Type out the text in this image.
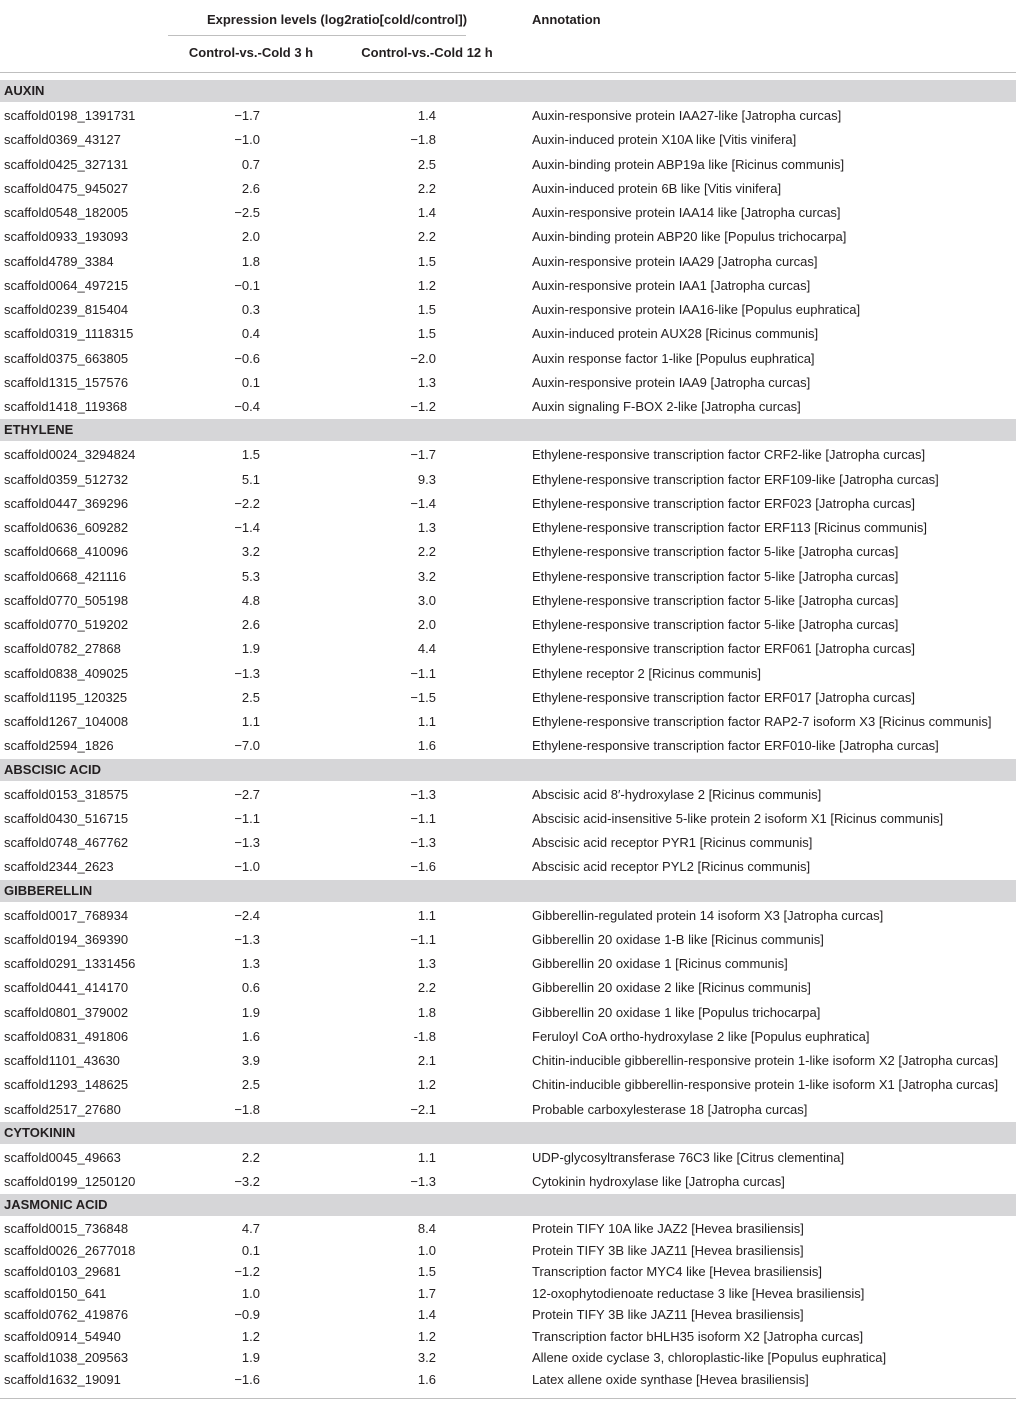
Expression levels (log2ratio[cold/control])	Annotation
Control-vs.-Cold 3 h	Control-vs.-Cold 12 h
AUXIN
scaffold0198_1391731	−1.7	1.4	Auxin-responsive protein IAA27-like [Jatropha curcas]
scaffold0369_43127	−1.0	−1.8	Auxin-induced protein X10A like [Vitis vinifera]
scaffold0425_327131	0.7	2.5	Auxin-binding protein ABP19a like [Ricinus communis]
scaffold0475_945027	2.6	2.2	Auxin-induced protein 6B like [Vitis vinifera]
scaffold0548_182005	−2.5	1.4	Auxin-responsive protein IAA14 like [Jatropha curcas]
scaffold0933_193093	2.0	2.2	Auxin-binding protein ABP20 like [Populus trichocarpa]
scaffold4789_3384	1.8	1.5	Auxin-responsive protein IAA29 [Jatropha curcas]
scaffold0064_497215	−0.1	1.2	Auxin-responsive protein IAA1 [Jatropha curcas]
scaffold0239_815404	0.3	1.5	Auxin-responsive protein IAA16-like [Populus euphratica]
scaffold0319_1118315	0.4	1.5	Auxin-induced protein AUX28 [Ricinus communis]
scaffold0375_663805	−0.6	−2.0	Auxin response factor 1-like [Populus euphratica]
scaffold1315_157576	0.1	1.3	Auxin-responsive protein IAA9 [Jatropha curcas]
scaffold1418_119368	−0.4	−1.2	Auxin signaling F-BOX 2-like [Jatropha curcas]
ETHYLENE
scaffold0024_3294824	1.5	−1.7	Ethylene-responsive transcription factor CRF2-like [Jatropha curcas]
scaffold0359_512732	5.1	9.3	Ethylene-responsive transcription factor ERF109-like [Jatropha curcas]
scaffold0447_369296	−2.2	−1.4	Ethylene-responsive transcription factor ERF023 [Jatropha curcas]
scaffold0636_609282	−1.4	1.3	Ethylene-responsive transcription factor ERF113 [Ricinus communis]
scaffold0668_410096	3.2	2.2	Ethylene-responsive transcription factor 5-like [Jatropha curcas]
scaffold0668_421116	5.3	3.2	Ethylene-responsive transcription factor 5-like [Jatropha curcas]
scaffold0770_505198	4.8	3.0	Ethylene-responsive transcription factor 5-like [Jatropha curcas]
scaffold0770_519202	2.6	2.0	Ethylene-responsive transcription factor 5-like [Jatropha curcas]
scaffold0782_27868	1.9	4.4	Ethylene-responsive transcription factor ERF061 [Jatropha curcas]
scaffold0838_409025	−1.3	−1.1	Ethylene receptor 2 [Ricinus communis]
scaffold1195_120325	2.5	−1.5	Ethylene-responsive transcription factor ERF017 [Jatropha curcas]
scaffold1267_104008	1.1	1.1	Ethylene-responsive transcription factor RAP2-7 isoform X3 [Ricinus communis]
scaffold2594_1826	−7.0	1.6	Ethylene-responsive transcription factor ERF010-like [Jatropha curcas]
ABSCISIC ACID
scaffold0153_318575	−2.7	−1.3	Abscisic acid 8′-hydroxylase 2 [Ricinus communis]
scaffold0430_516715	−1.1	−1.1	Abscisic acid-insensitive 5-like protein 2 isoform X1 [Ricinus communis]
scaffold0748_467762	−1.3	−1.3	Abscisic acid receptor PYR1 [Ricinus communis]
scaffold2344_2623	−1.0	−1.6	Abscisic acid receptor PYL2 [Ricinus communis]
GIBBERELLIN
scaffold0017_768934	−2.4	1.1	Gibberellin-regulated protein 14 isoform X3 [Jatropha curcas]
scaffold0194_369390	−1.3	−1.1	Gibberellin 20 oxidase 1-B like [Ricinus communis]
scaffold0291_1331456	1.3	1.3	Gibberellin 20 oxidase 1 [Ricinus communis]
scaffold0441_414170	0.6	2.2	Gibberellin 20 oxidase 2 like [Ricinus communis]
scaffold0801_379002	1.9	1.8	Gibberellin 20 oxidase 1 like [Populus trichocarpa]
scaffold0831_491806	1.6	-1.8	Feruloyl CoA ortho-hydroxylase 2 like [Populus euphratica]
scaffold1101_43630	3.9	2.1	Chitin-inducible gibberellin-responsive protein 1-like isoform X2 [Jatropha curcas]
scaffold1293_148625	2.5	1.2	Chitin-inducible gibberellin-responsive protein 1-like isoform X1 [Jatropha curcas]
scaffold2517_27680	−1.8	−2.1	Probable carboxylesterase 18 [Jatropha curcas]
CYTOKININ
scaffold0045_49663	2.2	1.1	UDP-glycosyltransferase 76C3 like [Citrus clementina]
scaffold0199_1250120	−3.2	−1.3	Cytokinin hydroxylase like [Jatropha curcas]
JASMONIC ACID
scaffold0015_736848	4.7	8.4	Protein TIFY 10A like JAZ2 [Hevea brasiliensis]
scaffold0026_2677018	0.1	1.0	Protein TIFY 3B like JAZ11 [Hevea brasiliensis]
scaffold0103_29681	−1.2	1.5	Transcription factor MYC4 like [Hevea brasiliensis]
scaffold0150_641	1.0	1.7	12-oxophytodienoate reductase 3 like [Hevea brasiliensis]
scaffold0762_419876	−0.9	1.4	Protein TIFY 3B like JAZ11 [Hevea brasiliensis]
scaffold0914_54940	1.2	1.2	Transcription factor bHLH35 isoform X2 [Jatropha curcas]
scaffold1038_209563	1.9	3.2	Allene oxide cyclase 3, chloroplastic-like [Populus euphratica]
scaffold1632_19091	−1.6	1.6	Latex allene oxide synthase [Hevea brasiliensis]
